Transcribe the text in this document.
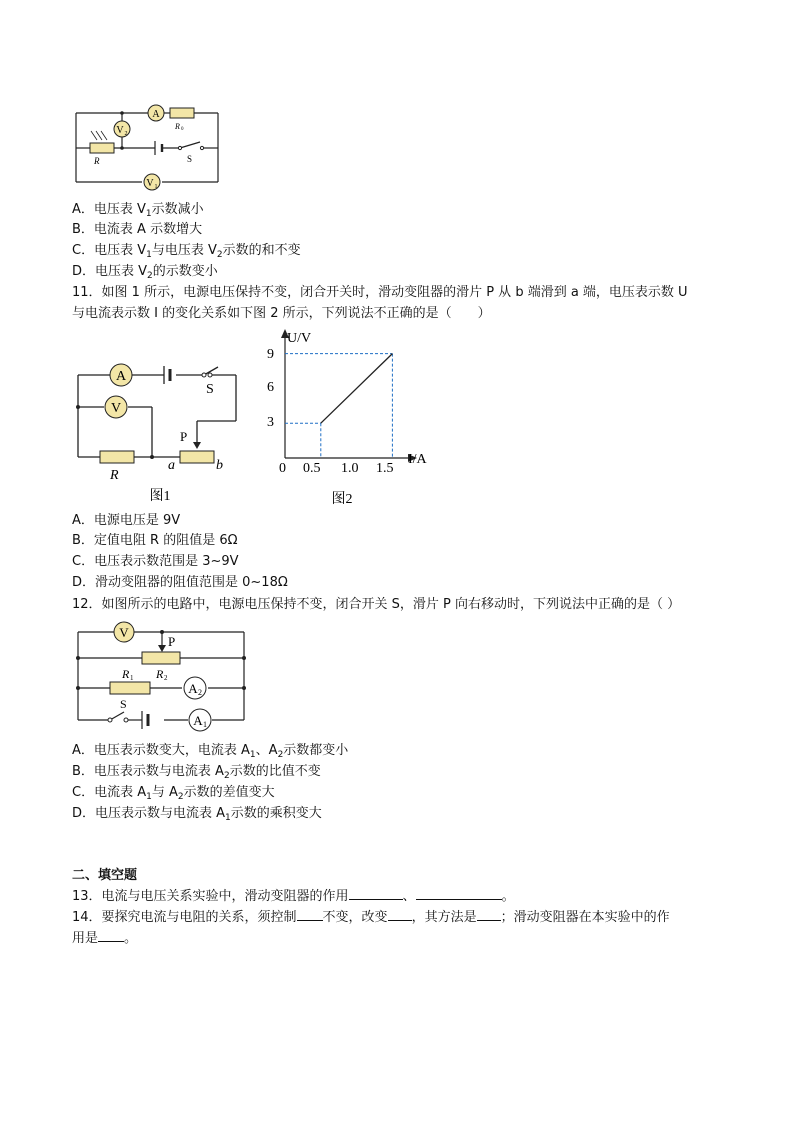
A
V 2
V 1
R 0
R	S
A．电压表 $V_1$示数减小
B．电流表 A 示数增大
C．电压表 $V_1$与电压表 $V_2$示数的和不变
D．电压表 $V_2$的示数变小
11．如图 1 所示，电源电压保持不变，闭合开关时，滑动变阻器的滑片 P 从 b 端滑到 a 端，电压表示数 U
与电流表示数 I 的变化关系如下图 2 所示，下列说法不正确的是（　　）
A
V
S
P
R
a	b
图1
U/V
I/A
9
6
3
0 0.5 1.0 1.5
图2
A．电源电压是 9V
B．定值电阻 R 的阻值是 6Ω
C．电压表示数范围是 3~9V
D．滑动变阻器的阻值范围是 0~18Ω
12．如图所示的电路中，电源电压保持不变，闭合开关 S，滑片 P 向右移动时，下列说法中正确的是（ ）
V
A 2
A 1
P
R 2
R 1
S
A．电压表示数变大，电流表 $A_1$、$A_2$示数都变小
B．电压表示数与电流表 $A_2$示数的比值不变
C．电流表 $A_1$与 $A_2$示数的差值变大
D．电压表示数与电流表 $A_1$示数的乘积变大
二、填空题
13．电流与电压关系实验中，滑动变阻器的作用	、	。
14．要探究电流与电阻的关系，须控制 不变，改变 ，其方法是 ；滑动变阻器在本实验中的作
用是 。
